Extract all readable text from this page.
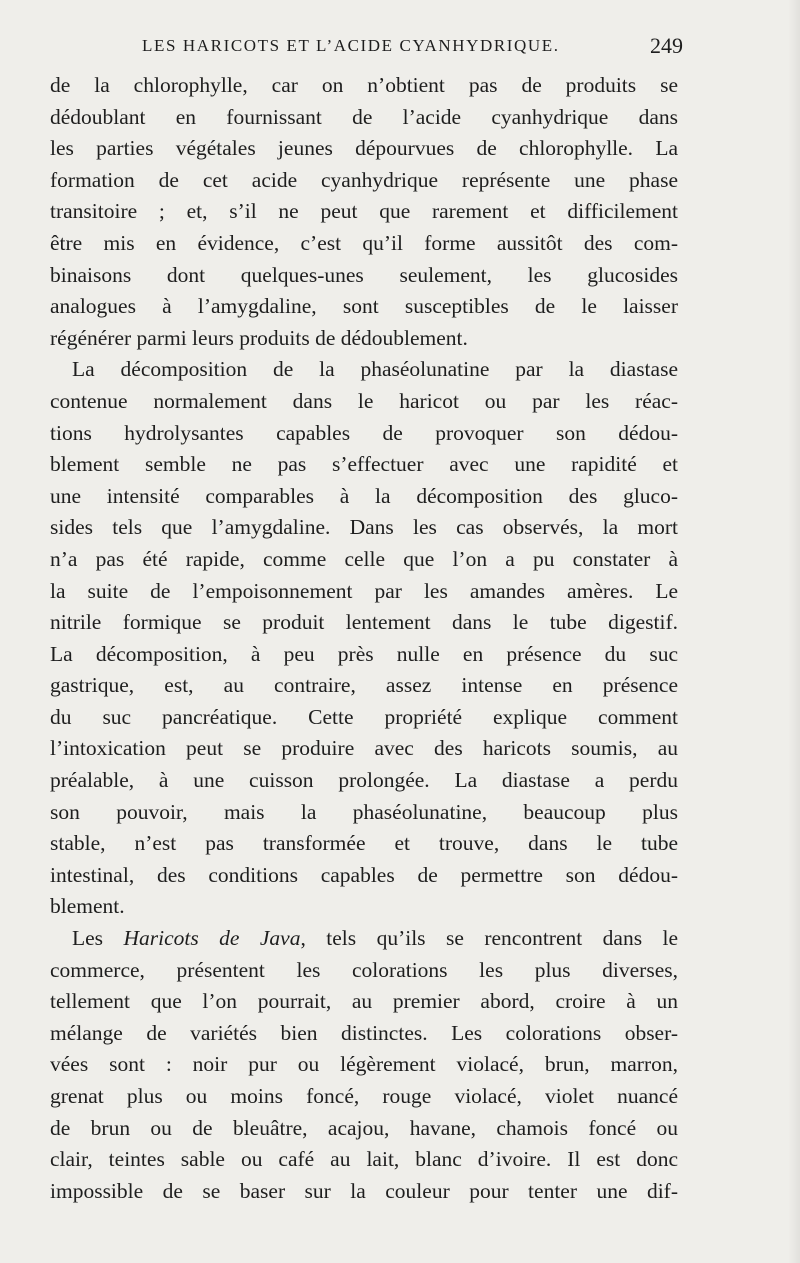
LES HARICOTS ET L’ACIDE CYANHYDRIQUE.	249
de la chlorophylle, car on n’obtient pas de produits se
dédoublant en fournissant de l’acide cyanhydrique dans
les parties végétales jeunes dépourvues de chlorophylle. La
formation de cet acide cyanhydrique représente une phase
transitoire ; et, s’il ne peut que rarement et difficilement
être mis en évidence, c’est qu’il forme aussitôt des com-
binaisons dont quelques-unes seulement, les glucosides
analogues à l’amygdaline, sont susceptibles de le laisser
régénérer parmi leurs produits de dédoublement.
La décomposition de la phaséolunatine par la diastase
contenue normalement dans le haricot ou par les réac-
tions hydrolysantes capables de provoquer son dédou-
blement semble ne pas s’effectuer avec une rapidité et
une intensité comparables à la décomposition des gluco-
sides tels que l’amygdaline. Dans les cas observés, la mort
n’a pas été rapide, comme celle que l’on a pu constater à
la suite de l’empoisonnement par les amandes amères. Le
nitrile formique se produit lentement dans le tube digestif.
La décomposition, à peu près nulle en présence du suc
gastrique, est, au contraire, assez intense en présence
du suc pancréatique. Cette propriété explique comment
l’intoxication peut se produire avec des haricots soumis, au
préalable, à une cuisson prolongée. La diastase a perdu
son pouvoir, mais la phaséolunatine, beaucoup plus
stable, n’est pas transformée et trouve, dans le tube
intestinal, des conditions capables de permettre son dédou-
blement.
Les Haricots de Java, tels qu’ils se rencontrent dans le
commerce, présentent les colorations les plus diverses,
tellement que l’on pourrait, au premier abord, croire à un
mélange de variétés bien distinctes. Les colorations obser-
vées sont : noir pur ou légèrement violacé, brun, marron,
grenat plus ou moins foncé, rouge violacé, violet nuancé
de brun ou de bleuâtre, acajou, havane, chamois foncé ou
clair, teintes sable ou café au lait, blanc d’ivoire. Il est donc
impossible de se baser sur la couleur pour tenter une dif-
